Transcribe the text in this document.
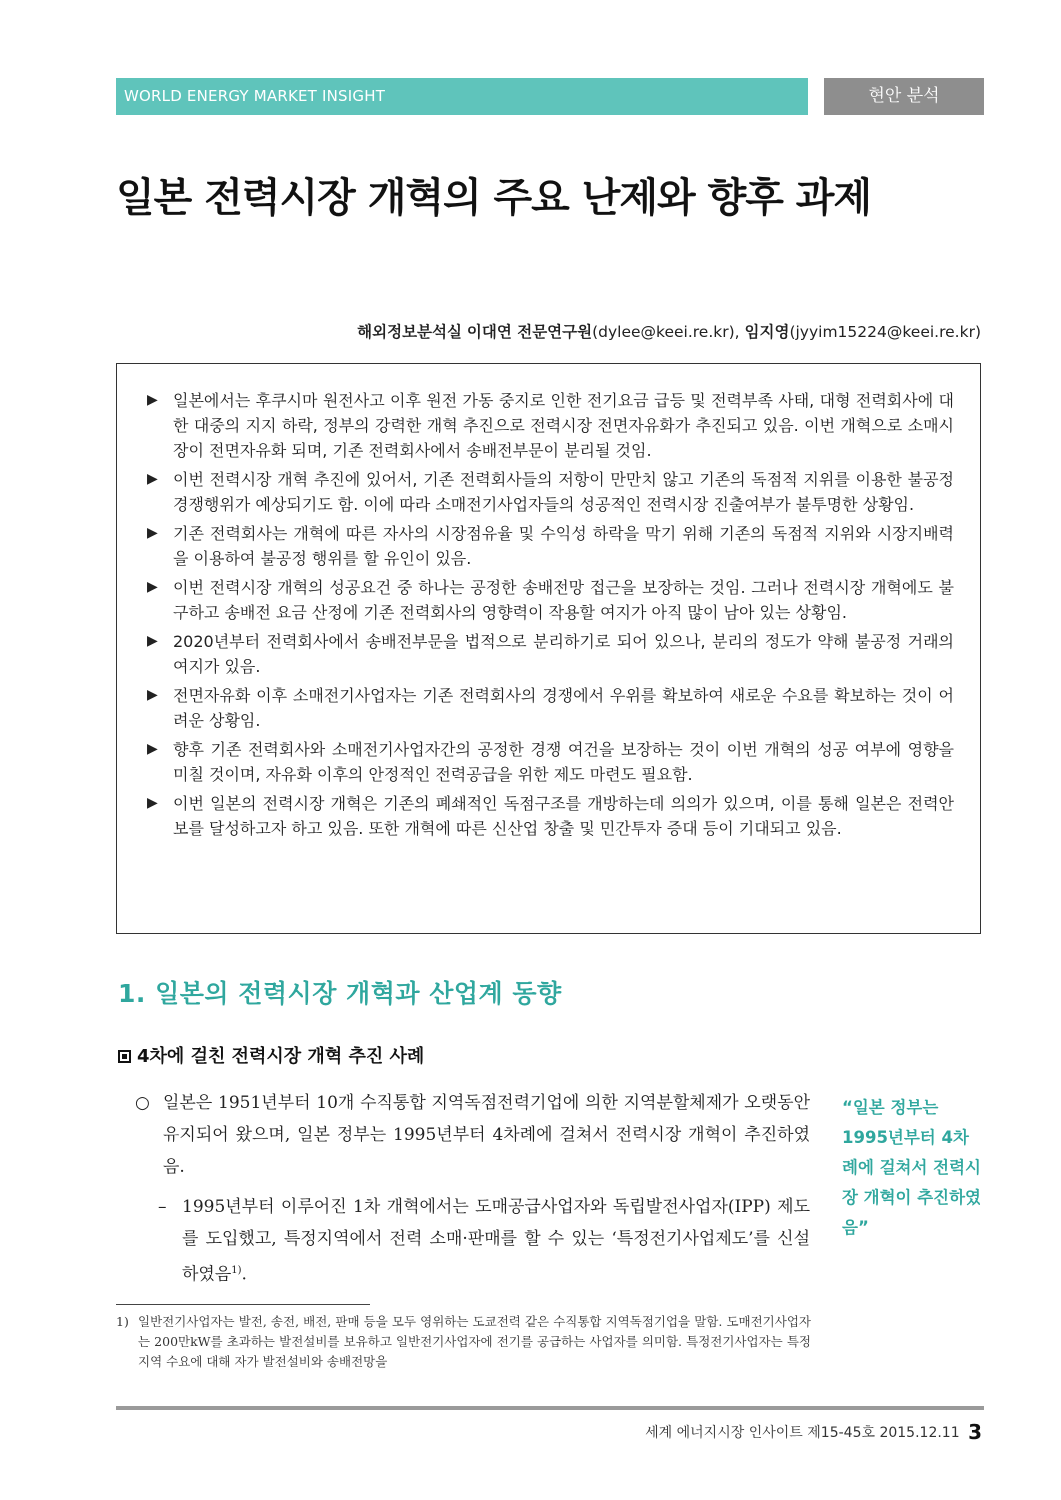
WORLD ENERGY MARKET INSIGHT	현안 분석
일본 전력시장 개혁의 주요 난제와 향후 과제
해외정보분석실 이대연 전문연구원(dylee@keei.re.kr), 임지영(jyyim15224@keei.re.kr)
▶ 일본에서는 후쿠시마 원전사고 이후 원전 가동 중지로 인한 전기요금 급등 및 전력부족 사태, 대형 전력회사에 대한 대중의 지지 하락, 정부의 강력한 개혁 추진으로 전력시장 전면자유화가 추진되고 있음. 이번 개혁으로 소매시장이 전면자유화 되며, 기존 전력회사에서 송배전부문이 분리될 것임.
▶ 이번 전력시장 개혁 추진에 있어서, 기존 전력회사들의 저항이 만만치 않고 기존의 독점적 지위를 이용한 불공정 경쟁행위가 예상되기도 함. 이에 따라 소매전기사업자들의 성공적인 전력시장 진출여부가 불투명한 상황임.
▶ 기존 전력회사는 개혁에 따른 자사의 시장점유율 및 수익성 하락을 막기 위해 기존의 독점적 지위와 시장지배력을 이용하여 불공정 행위를 할 유인이 있음.
▶ 이번 전력시장 개혁의 성공요건 중 하나는 공정한 송배전망 접근을 보장하는 것임. 그러나 전력시장 개혁에도 불구하고 송배전 요금 산정에 기존 전력회사의 영향력이 작용할 여지가 아직 많이 남아 있는 상황임.
▶ 2020년부터 전력회사에서 송배전부문을 법적으로 분리하기로 되어 있으나, 분리의 정도가 약해 불공정 거래의 여지가 있음.
▶ 전면자유화 이후 소매전기사업자는 기존 전력회사의 경쟁에서 우위를 확보하여 새로운 수요를 확보하는 것이 어려운 상황임.
▶ 향후 기존 전력회사와 소매전기사업자간의 공정한 경쟁 여건을 보장하는 것이 이번 개혁의 성공 여부에 영향을 미칠 것이며, 자유화 이후의 안정적인 전력공급을 위한 제도 마련도 필요함.
▶ 이번 일본의 전력시장 개혁은 기존의 폐쇄적인 독점구조를 개방하는데 의의가 있으며, 이를 통해 일본은 전력안보를 달성하고자 하고 있음. 또한 개혁에 따른 신산업 창출 및 민간투자 증대 등이 기대되고 있음.
1. 일본의 전력시장 개혁과 산업계 동향
4차에 걸친 전력시장 개혁 추진 사례
○ 일본은 1951년부터 10개 수직통합 지역독점전력기업에 의한 지역분할체제가 오랫동안 유지되어 왔으며, 일본 정부는 1995년부터 4차례에 걸쳐서 전력시장 개혁이 추진하였음.
– 1995년부터 이루어진 1차 개혁에서는 도매공급사업자와 독립발전사업자(IPP) 제도를 도입했고, 특정지역에서 전력 소매·판매를 할 수 있는 ‘특정전기사업제도’를 신설하였음$^{1)}$.
“일본 정부는 1995년부터 4차례에 걸쳐서 전력시장 개혁이 추진하였음”
1) 일반전기사업자는 발전, 송전, 배전, 판매 등을 모두 영위하는 도쿄전력 같은 수직통합 지역독점기업을 말함. 도매전기사업자는 200만kW를 초과하는 발전설비를 보유하고 일반전기사업자에 전기를 공급하는 사업자를 의미함. 특정전기사업자는 특정지역 수요에 대해 자가 발전설비와 송배전망을
세계 에너지시장 인사이트 제15-45호 2015.12.11 3
